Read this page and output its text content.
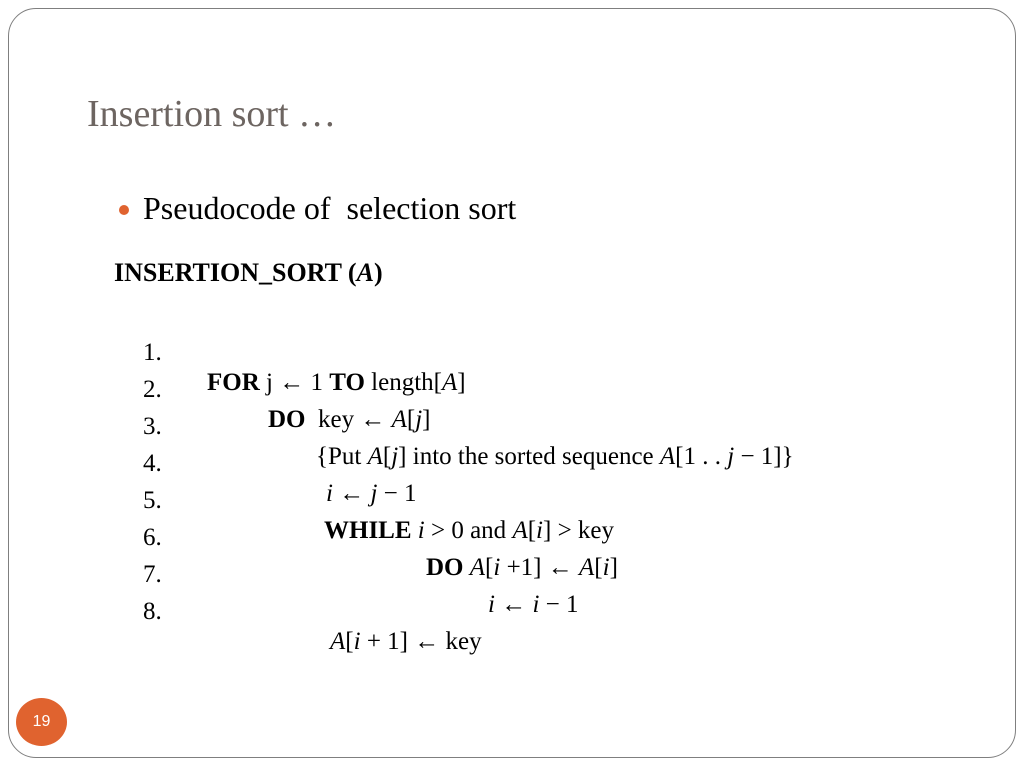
Insertion sort …
Pseudocode of  selection sort
INSERTION_SORT (A)

1.

FOR j ← 1 TO length[A]

2.

DO  key ← A[j]

3.

{Put A[j] into the sorted sequence A[1 . . j − 1]}

4.

i ← j − 1

5.

WHILE i > 0 and A[i] > key

6.

DO A[i +1] ← A[i]

7.

i ← i − 1

8.

A[i + 1] ← key

19
